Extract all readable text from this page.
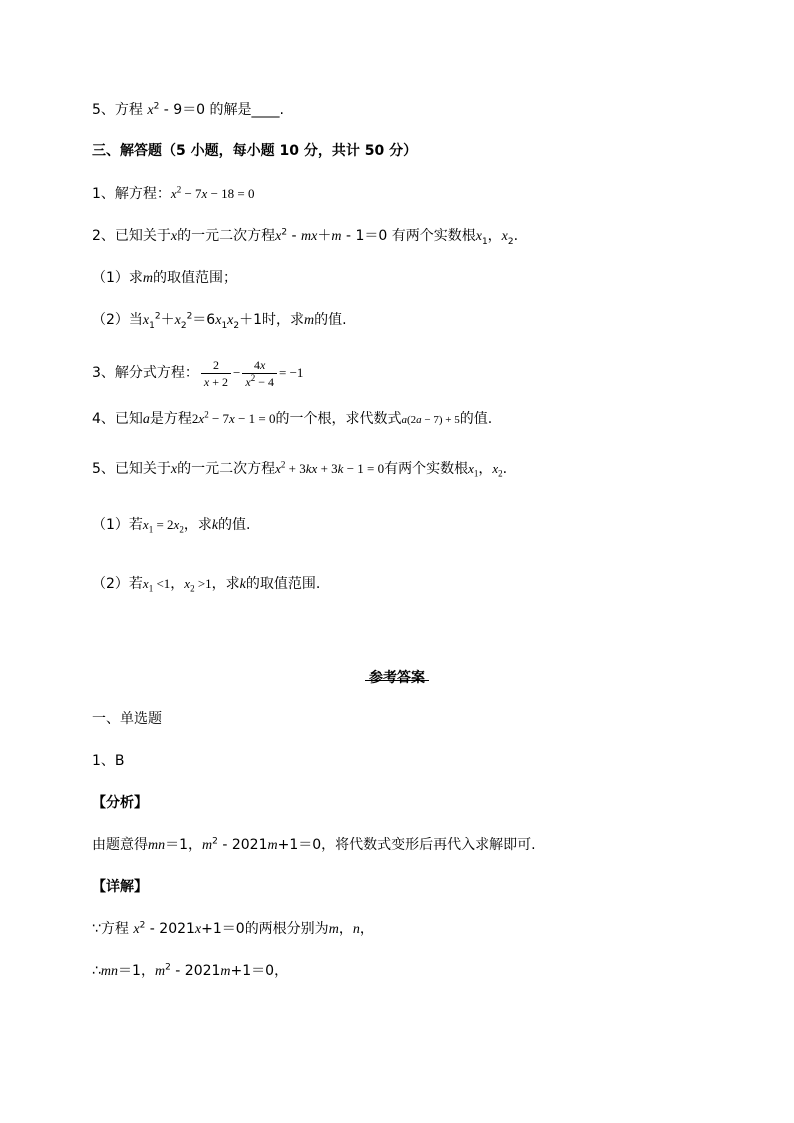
5、方程 $x^2 - 9=0$ 的解是____.
三、解答题（5 小题，每小题 10 分，共计 50 分）
1、解方程：$x^2 - 7x - 18 = 0$
2、已知关于x的一元二次方程$x^2 - mx+m - 1=0$ 有两个实数根$x_1$，$x_2$.
（1）求m的取值范围；
（2）当$x_1^2+x_2^2=6x_1x_2+1$时，求m的值.
3、解分式方程： $\frac{2}{x + 2} - \frac{4x}{x^2 - 4} = -1$
4、已知a是方程$2x^2 - 7x - 1 = 0$的一个根，求代数式a(2a − 7) + 5的值.
5、已知关于x的一元二次方程$x^2 + 3kx + 3k - 1 = 0$有两个实数根$x_1$，$x_2$.
（1）若$x_1 = 2x_2$，求k的值.
（2）若$x_1 <1$，$x_2 >1$，求k的取值范围.
参考答案
一、单选题
1、B
【分析】
由题意得mn＝1，$m^2 - 2021m+1=0$，将代数式变形后再代入求解即可.
【详解】
∵方程 $x^2 - 2021x+1=0$的两根分别为m，n，
∴mn＝1，$m^2 - 2021m+1=0$，
